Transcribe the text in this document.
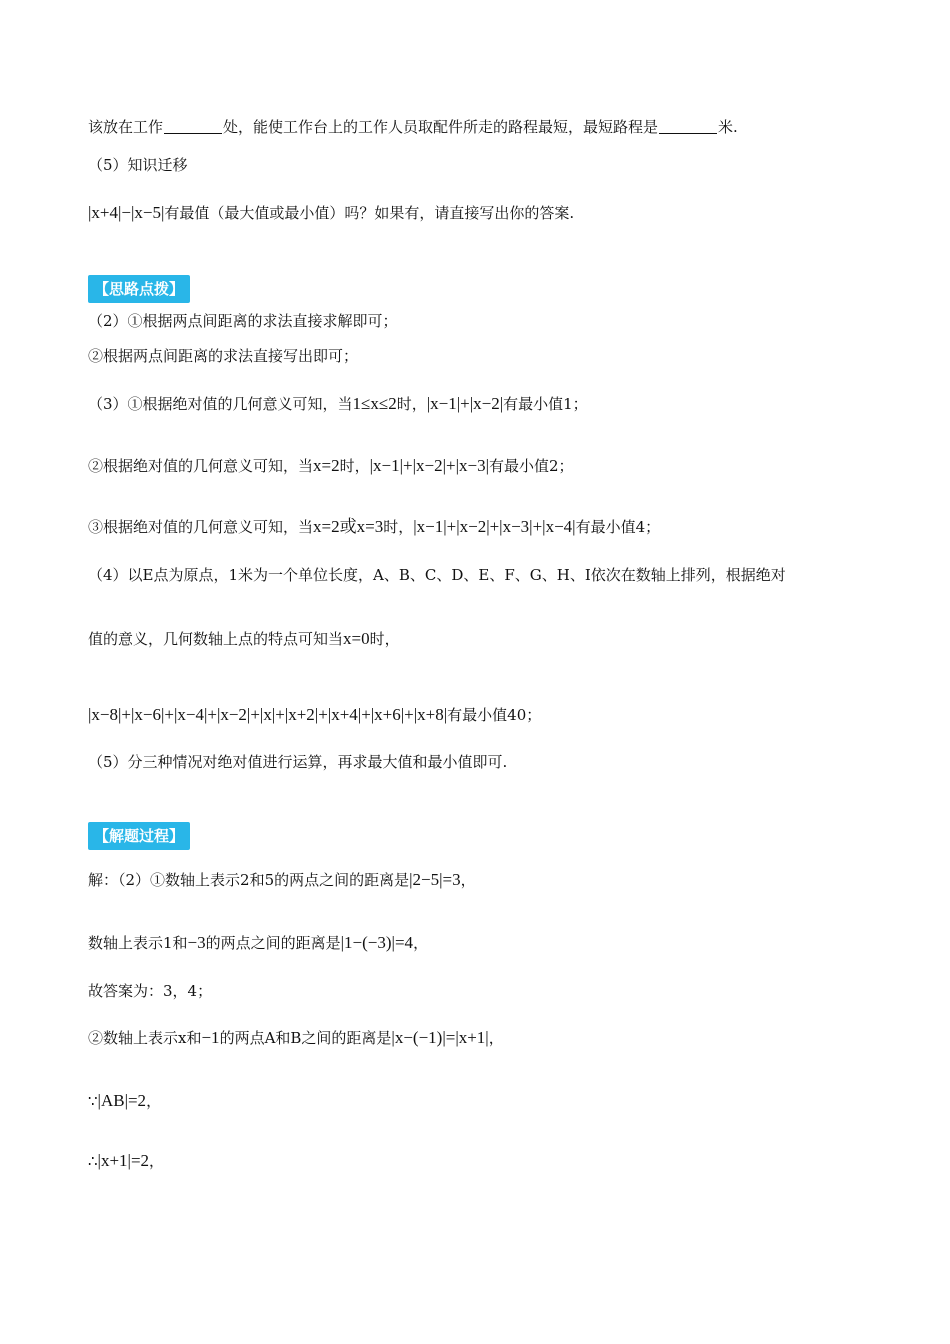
该放在工作	处，能使工作台上的工作人员取配件所走的路程最短，最短路程是	米.
（5）知识迁移
|x+4|−|x−5|有最值（最大值或最小值）吗？如果有，请直接写出你的答案.
【思路点拨】
（2）①根据两点间距离的求法直接求解即可；
②根据两点间距离的求法直接写出即可；
（3）①根据绝对值的几何意义可知，当1≤x≤2时，|x−1|+|x−2|有最小值1；
②根据绝对值的几何意义可知，当x=2时，|x−1|+|x−2|+|x−3|有最小值2；
③根据绝对值的几何意义可知，当x=2或x=3时，|x−1|+|x−2|+|x−3|+|x−4|有最小值4；
（4）以E点为原点，1米为一个单位长度，A、B、C、D、E、F、G、H、I依次在数轴上排列，根据绝对
值的意义，几何数轴上点的特点可知当x=0时，
|x−8|+|x−6|+|x−4|+|x−2|+|x|+|x+2|+|x+4|+|x+6|+|x+8|有最小值40；
（5）分三种情况对绝对值进行运算，再求最大值和最小值即可.
【解题过程】
解：（2）①数轴上表示2和5的两点之间的距离是|2−5|=3，
数轴上表示1和−3的两点之间的距离是|1−(−3)|=4，
故答案为：3，4；
②数轴上表示x和−1的两点A和B之间的距离是|x−(−1)|=|x+1|，
∵|AB|=2，
∴|x+1|=2，
